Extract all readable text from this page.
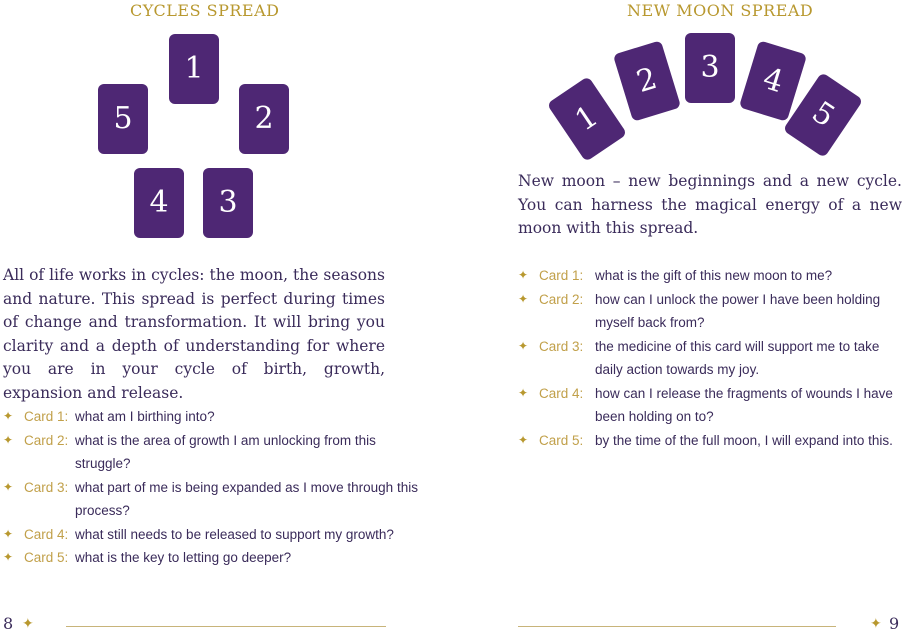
CYCLES SPREAD
1
2
3
4
5

All of life works in cycles: the moon, the seasons and nature. This spread is perfect during times of change and transformation. It will bring you clarity and a depth of understanding for where you are in your cycle of birth, growth, expansion and release.

✦ Card 1: what am I birthing into?
✦ Card 2: what is the area of growth I am unlocking from this struggle?
✦ Card 3: what part of me is being expanded as I move through this process?
✦ Card 4: what still needs to be released to support my growth?
✦ Card 5: what is the key to letting go deeper?
8 ✦
NEW MOON SPREAD
1
2	3	4
5

New moon – new beginnings and a new cycle. You can harness the magical energy of a new moon with this spread.

✦ Card 1: what is the gift of this new moon to me?
✦ Card 2: how can I unlock the power I have been holding myself back from?
✦ Card 3: the medicine of this card will support me to take daily action towards my joy.
✦ Card 4: how can I release the fragments of wounds I have been holding on to?
✦ Card 5: by the time of the full moon, I will expand into this.
✦ 9
